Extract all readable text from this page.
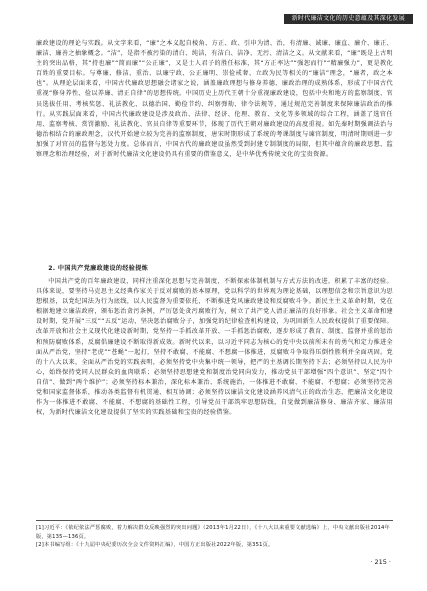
新时代廉洁文化的历史意蕴及其深化发展

廉政建设的理论与实践。从文字来看，“廉”之本义起自棱角、方正、政、引申为清、治，有清廉、诚廉、廉直、廉介、廉正、廉洁、廉善之抽象概念。“洁”，是指不被污染的清白、纯洁，有洁白、洁净、无污、清洁之义。从文献来看，“廉”既是上古明主的突出品格，其“持也廉”“简而廉”“公正廉”，又是士人君子的胜任标准，其“方正率达”“强恕而行”“精廉强力”，更是教化百姓的重要目标。与尊廉、修洁、重治、以廉宁政、公正廉明、崇俭戒奢、立政为民等相关的“廉洁”理念，“廉者，政之本也”。从理论层面来看，中国古代廉政思想融会诸家之说，涵盖廉政理想与修身养德、廉政治理的成熟体系，形成了中国古代重视“修身养性、俭以养廉、清正自律”的思想传统。中国历史上历代王朝十分重视廉政建设，包括中央和地方的监察制度、官员选拔任用、考核奖惩、礼法教化、以德治国、勤俭节约、纠察弹劾、律令法规等，通过规范完善制度来保障廉洁政治的推行。从实践层面来看，中国古代廉政建设是涉及政治、法律、经济、伦理、教育、文化等多领域的综合工程，涵盖了选官任用、监察考核、赏罚激励、礼法教化、官员自律等重要环节，体现了历代王朝对廉政建设的高度重视。如先秦时期强调法治与德治相结合的廉政理念，汉代开始建立较为完善的监察制度，唐宋时期形成了系统的考课制度与谏官制度，明清时期则进一步加强了对官员的监督与惩处力度。总体而言，中国古代的廉政建设虽然受到封建专制制度的局限，但其中蕴含的廉政思想、监察理念和治理经验，对于新时代廉洁文化建设仍具有重要的借鉴意义，是中华优秀传统文化的宝贵资源。

2. 中国共产党廉政建设的经验提炼

中国共产党的百年廉政建设，同样注重深化思想与完善制度，不断探索体制机制与方式方法的改进，积累了丰富的经验。具体来说，要坚持马克思主义经典作家关于反对腐败的基本原理，党以科学的世界观为理论基础，以理想信念和宗旨意识为思想根基，以党纪国法为行为底线，以人民监督为重要依托，不断推进党风廉政建设和反腐败斗争。新民主主义革命时期，党在根据地建立廉洁政府，颁布惩治贪污条例，严厉惩处贪污腐败行为，树立了共产党人清正廉洁的良好形象。社会主义革命和建设时期，党开展“三反”“五反”运动，坚决惩治腐败分子，加强党的纪律检查机构建设，为巩固新生人民政权提供了重要保障。改革开放和社会主义现代化建设新时期，党坚持一手抓改革开放、一手抓惩治腐败，逐步形成了教育、制度、监督并重的惩治和预防腐败体系，反腐倡廉建设不断取得新成效。新时代以来，以习近平同志为核心的党中央以前所未有的勇气和定力推进全面从严治党，坚持“老虎”“苍蝇”一起打，坚持不敢腐、不能腐、不想腐一体推进，反腐败斗争取得压倒性胜利并全面巩固。党的十八大以来，全面从严治党的实践表明，必须坚持党中央集中统一领导，把严的主基调长期坚持下去；必须坚持以人民为中心，始终保持党同人民群众的血肉联系；必须坚持思想建党和制度治党同向发力，推动党员干部增强“四个意识”、坚定“四个自信”、做到“两个维护”；必须坚持标本兼治，深化标本兼治、系统施治，一体推进不敢腐、不能腐、不想腐；必须坚持完善党和国家监督体系，推动各类监督有机贯通、相互协调；必须坚持以廉洁文化建设涵养风清气正的政治生态，把廉洁文化建设作为一体推进不敢腐、不能腐、不想腐的基础性工程，引导党员干部筑牢思想防线，自觉做到廉洁修身、廉洁齐家、廉洁用权，为新时代廉洁文化建设提供了坚实的实践基础和宝贵的经验借鉴。

[1]习近平：《依纪依法严惩腐败，着力解决群众反映强烈的突出问题》（2013年1月22日），《十八大以来重要文献选编》上，中央文献出版社2014年版，第135—136页。

[2]本书编写组：《十九届中央纪委历次全会文件资料汇编》，中国方正出版社2022年版，第351页。

· 215 ·
